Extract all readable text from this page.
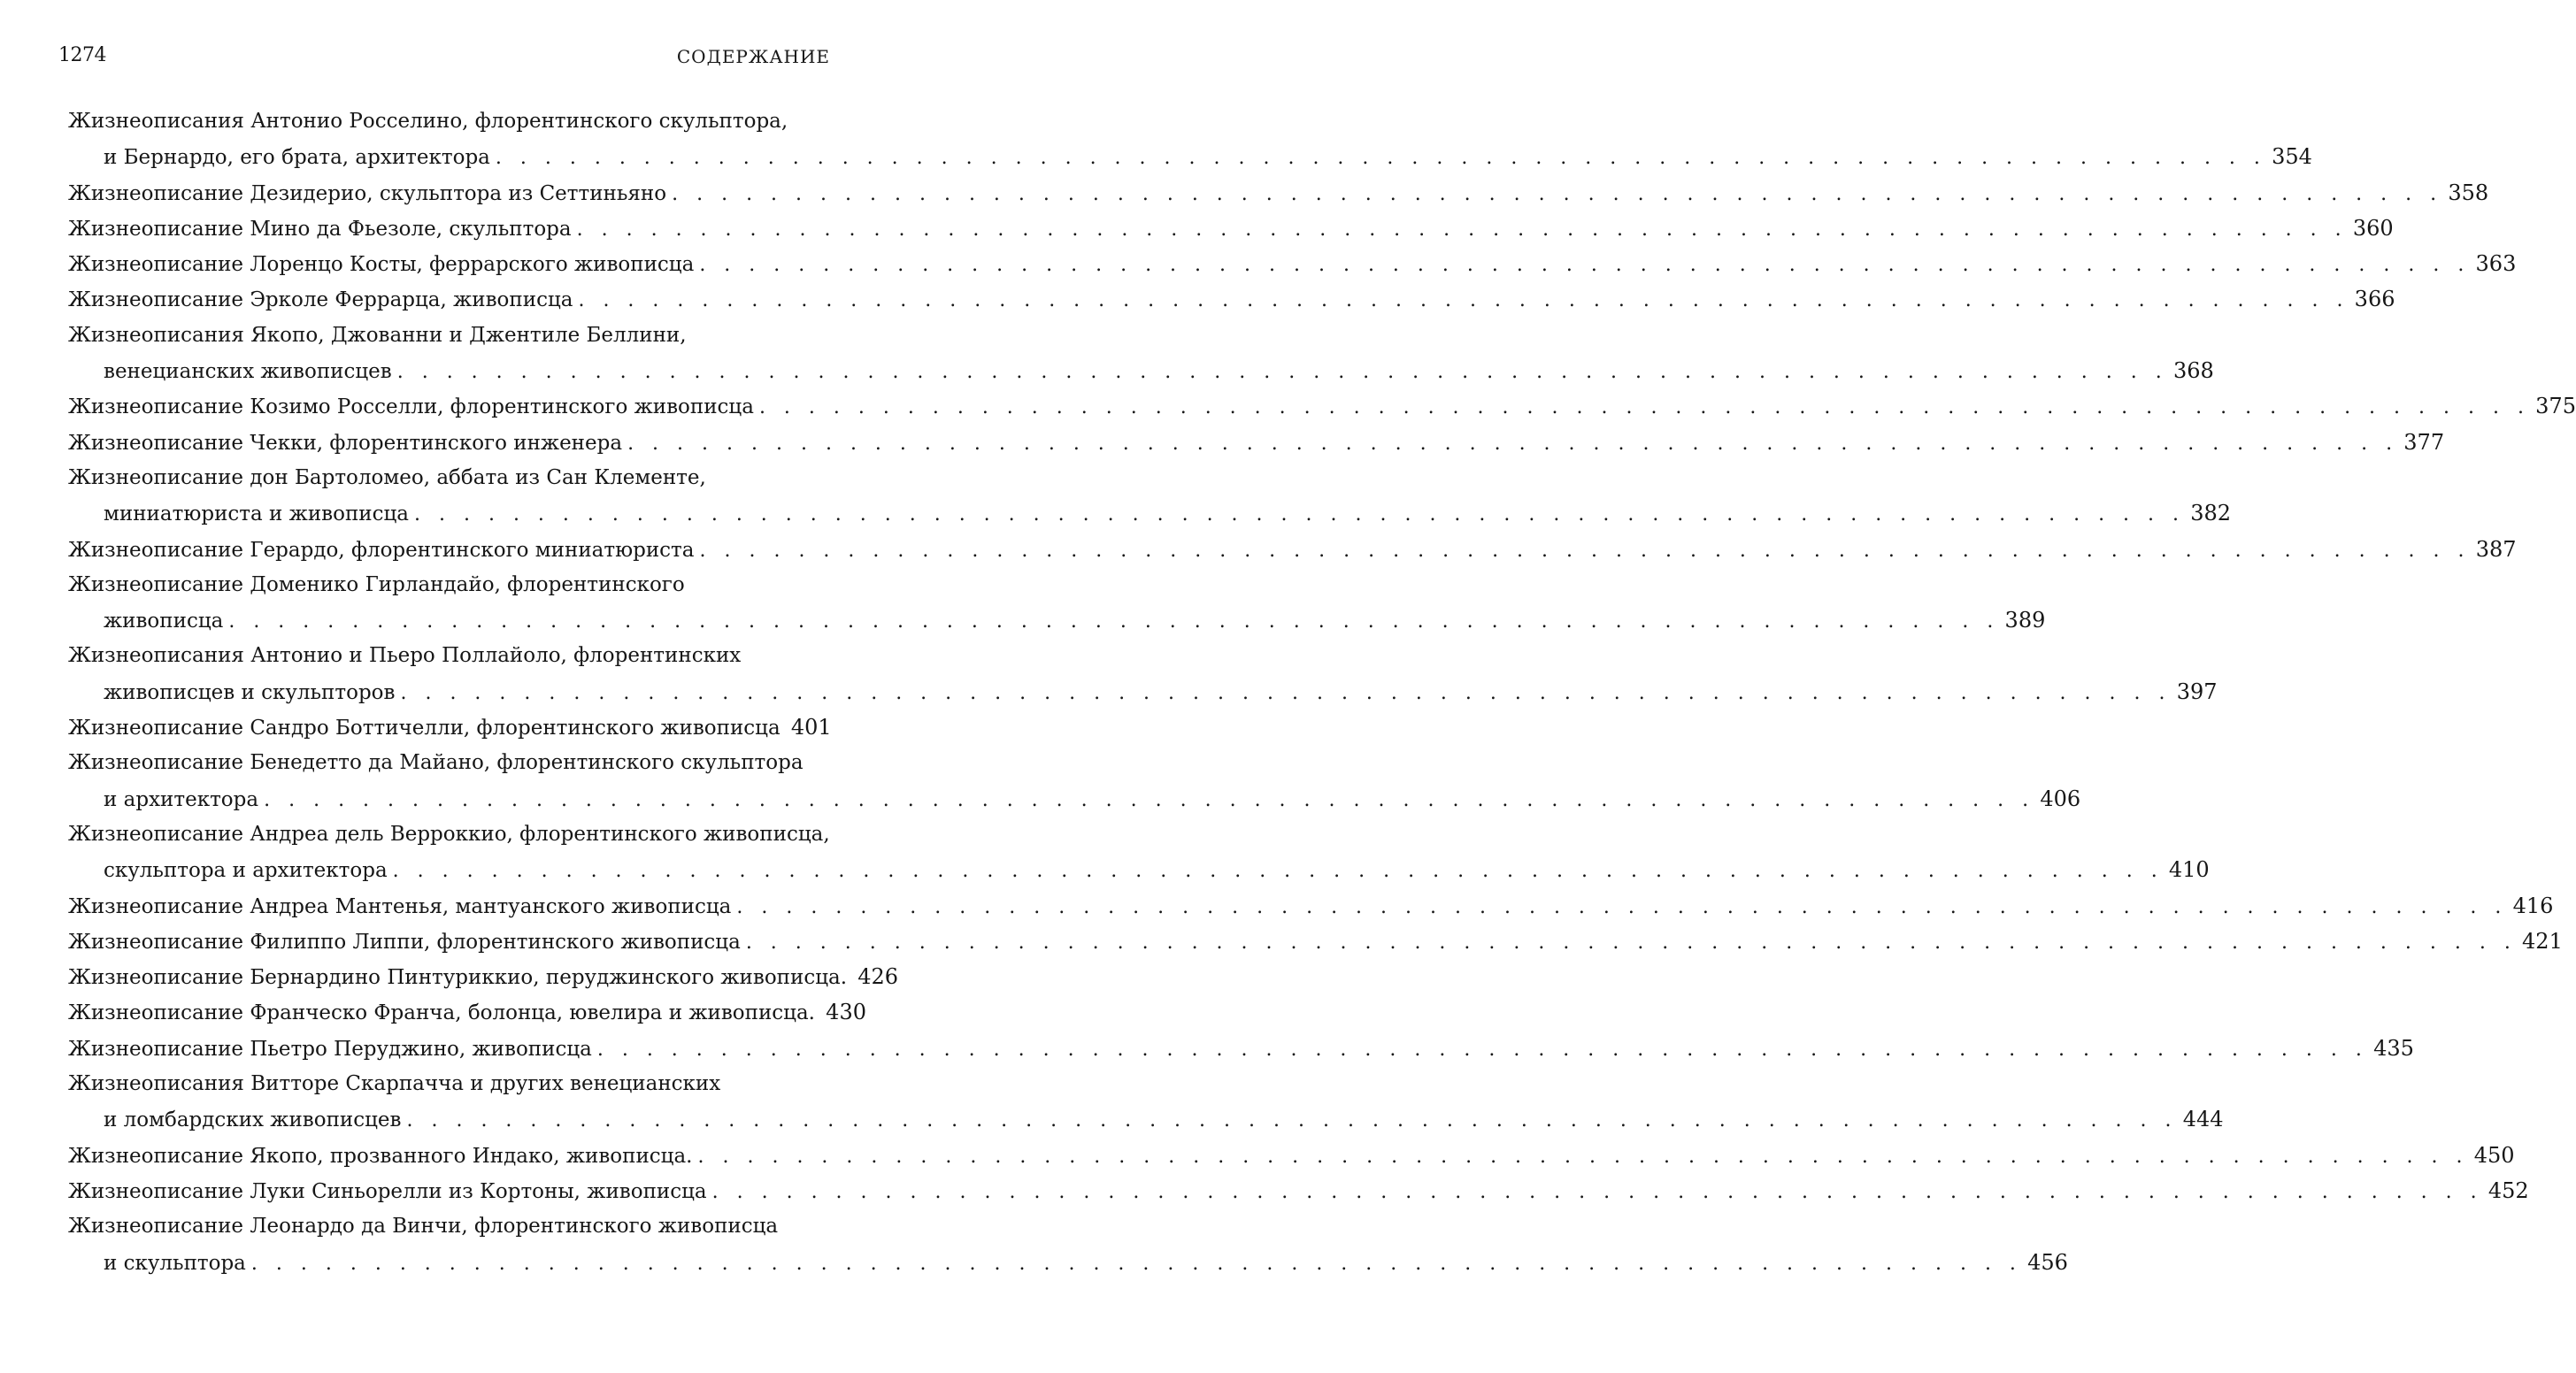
1274	СОДЕРЖАНИЕ
Жизнеописания Антонио Росселино, флорентинского скульптора,
и Бернардо, его брата, архитектора . . .	354
Жизнеописание Дезидерио, скульптора из Сеттиньяно . . .	358
Жизнеописание Мино да Фьезоле, скульптора . . .	360
Жизнеописание Лоренцо Косты, феррарского живописца . . .	363
Жизнеописание Эрколе Феррарца, живописца . . .	366
Жизнеописания Якопо, Джованни и Джентиле Беллини,
венецианских живописцев . . .	368
Жизнеописание Козимо Росселли, флорентинского живописца . . .	375
Жизнеописание Чекки, флорентинского инженера . . .	377
Жизнеописание дон Бартоломео, аббата из Сан Клементе,
миниатюриста и живописца . . .	382
Жизнеописание Герардо, флорентинского миниатюриста . . .	387
Жизнеописание Доменико Гирландайо, флорентинского
живописца . . .	389
Жизнеописания Антонио и Пьеро Поллайоло, флорентинских
живописцев и скульпторов . . .	397
Жизнеописание Сандро Боттичелли, флорентинского живописца 401
Жизнеописание Бенедетто да Майано, флорентинского скульптора
и архитектора . . .	406
Жизнеописание Андреа дель Верроккио, флорентинского живописца,
скульптора и архитектора . . .	410
Жизнеописание Андреа Мантенья, мантуанского живописца . . .	416
Жизнеописание Филиппо Липпи, флорентинского живописца . . .	421
Жизнеописание Бернардино Пинтуриккио, перуджинского живописца. 426
Жизнеописание Франческо Франча, болонца, ювелира и живописца. 430
Жизнеописание Пьетро Перуджино, живописца . . .	435
Жизнеописания Витторе Скарпачча и других венецианских
и ломбардских живописцев . . .	444
Жизнеописание Якопо, прозванного Индако, живописца. . . .	450
Жизнеописание Луки Синьорелли из Кортоны, живописца . . .	452
Жизнеописание Леонардо да Винчи, флорентинского живописца
и скульптора . . .	456
